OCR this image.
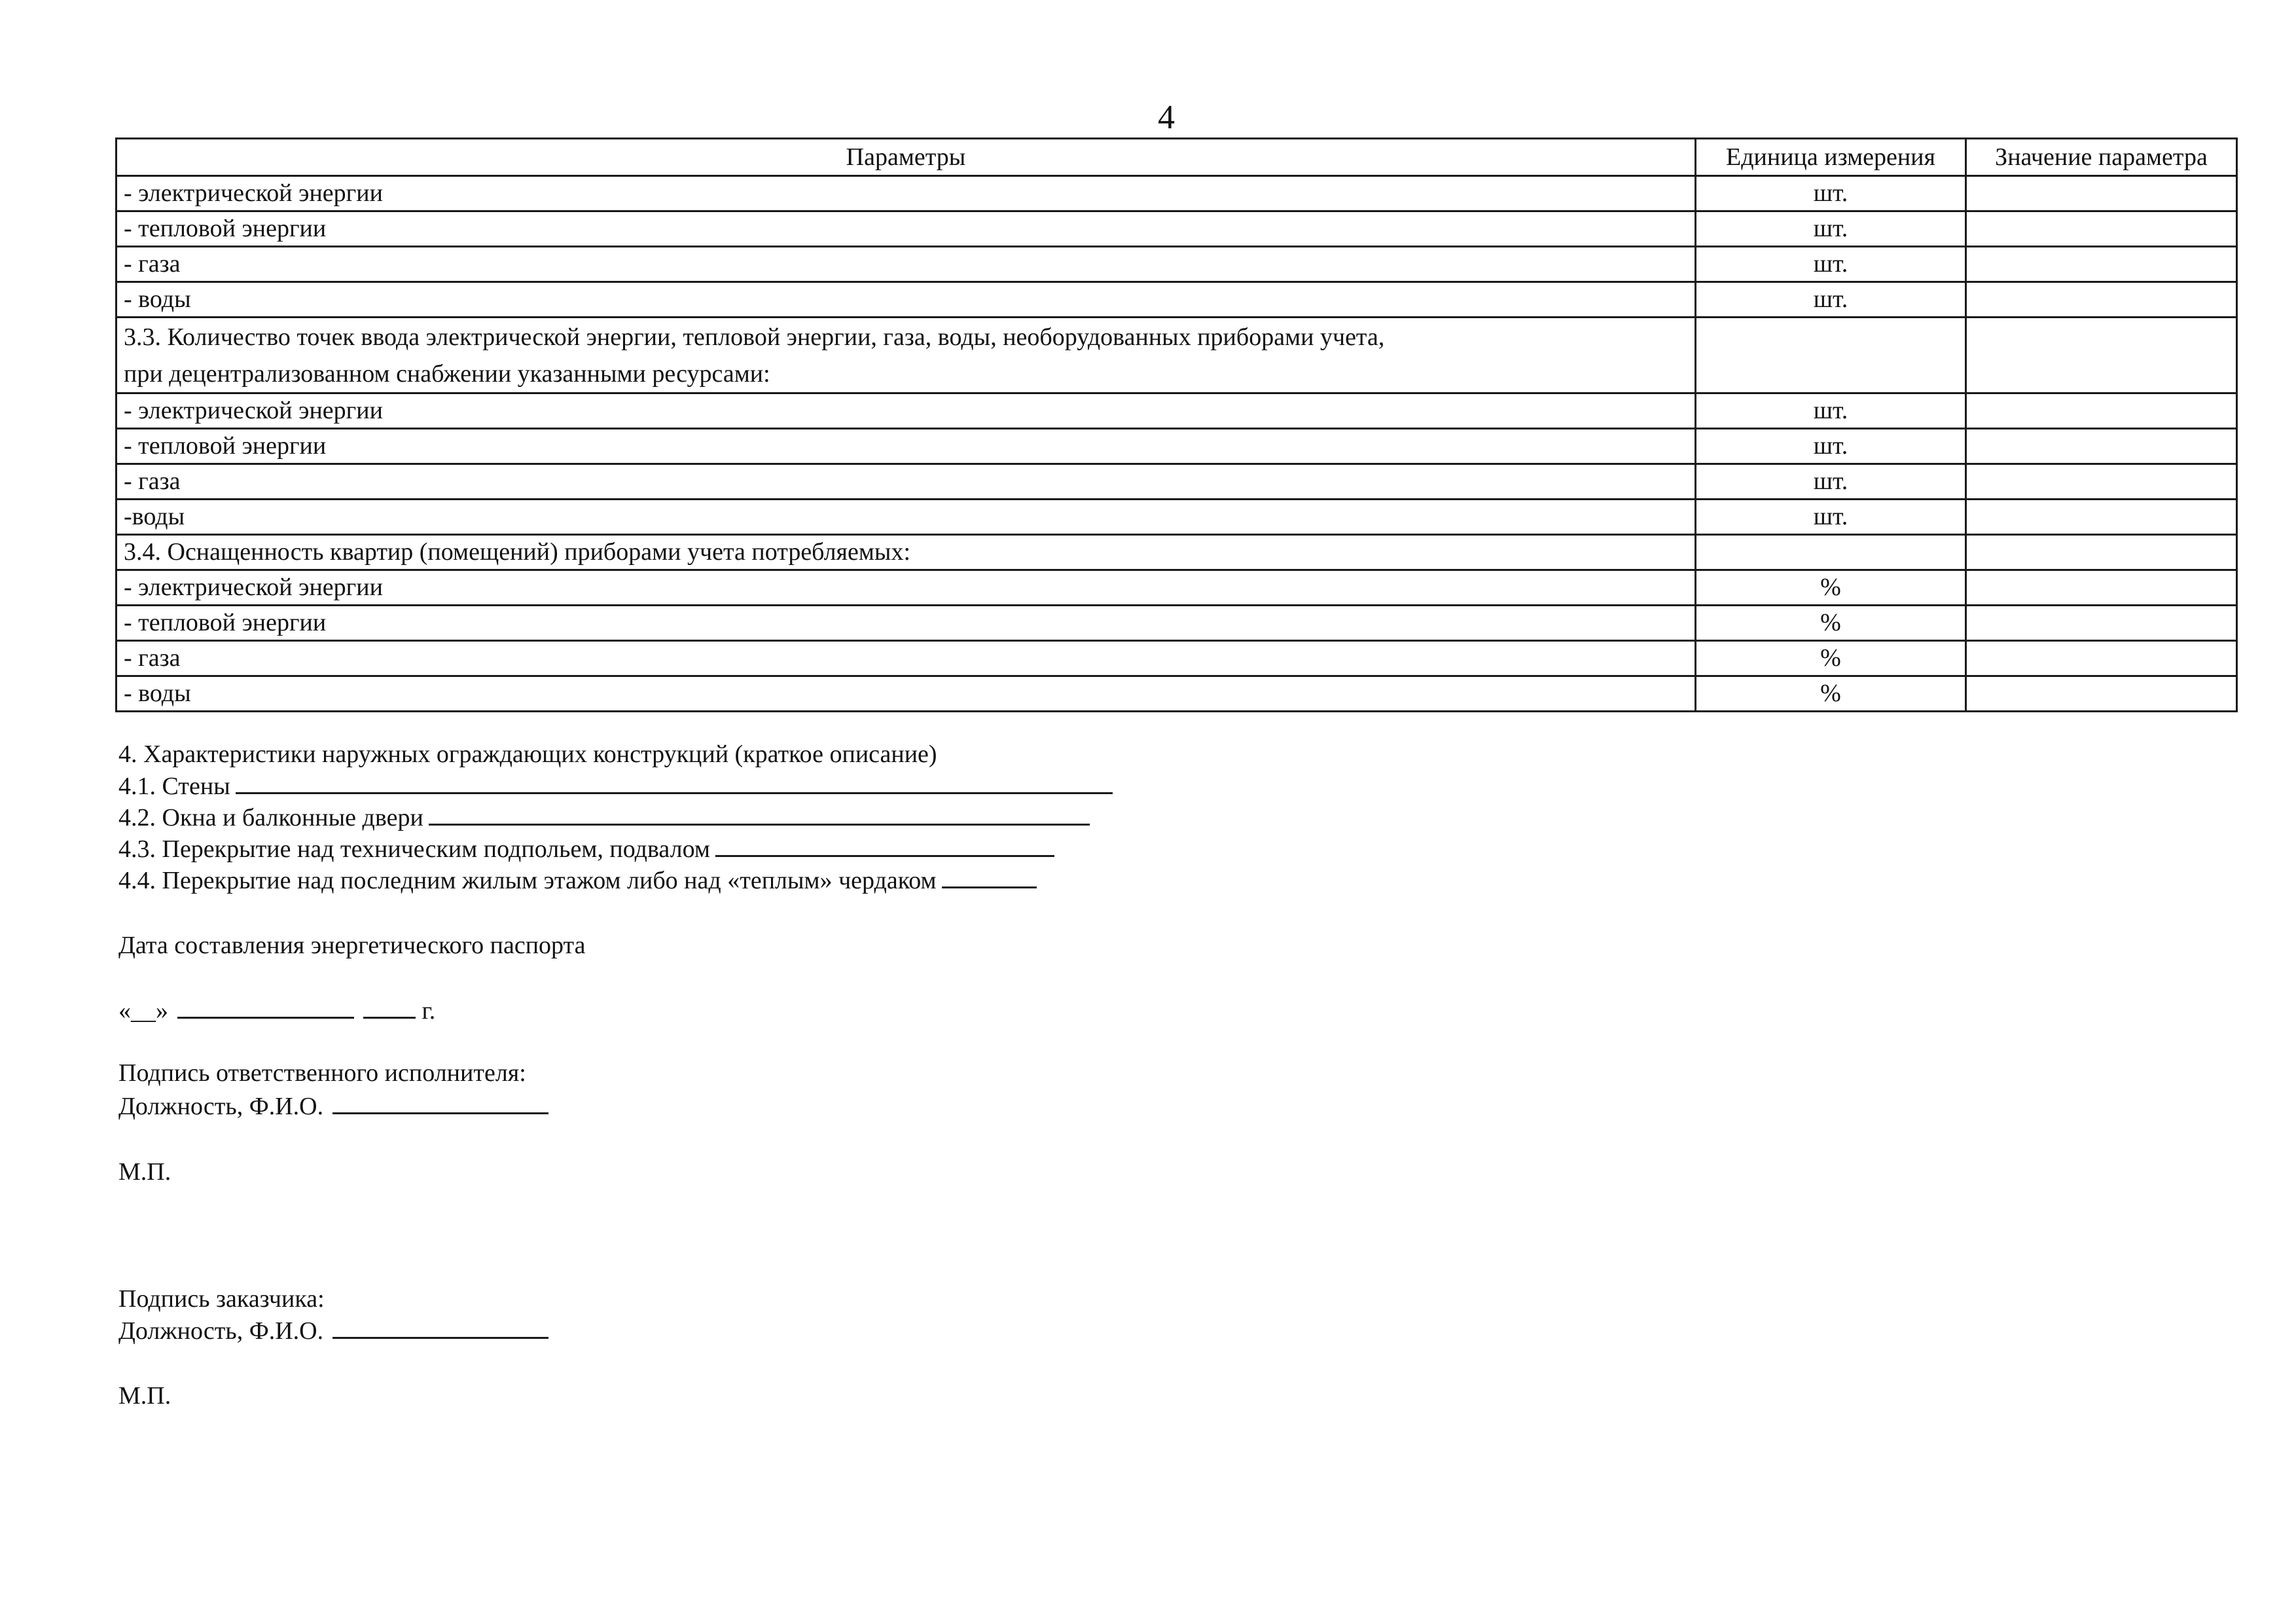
4
Параметры	Единица измерения	Значение параметра
- электрической энергии	шт.	
- тепловой энергии	шт.	
- газа	шт.	
- воды	шт.	

3.3. Количество точек ввода электрической энергии, тепловой энергии, газа, воды, необорудованных приборами учета,
при децентрализованном снабжении указанными ресурсами:		

- электрической энергии	шт.	
- тепловой энергии	шт.	
- газа	шт.	
-воды	шт.	
3.4. Оснащенность квартир (помещений) приборами учета потребляемых:		
- электрической энергии	%	
- тепловой энергии	%	
- газа	%	
- воды	%	
4. Характеристики наружных ограждающих конструкций (краткое описание)
4.1. Стены
4.2. Окна и балконные двери
4.3. Перекрытие над техническим подпольем, подвалом
4.4. Перекрытие над последним жилым этажом либо над «теплым» чердаком
Дата составления энергетического паспорта
«__»	г.
Подпись ответственного исполнителя:
Должность, Ф.И.О.
М.П.
Подпись заказчика:
Должность, Ф.И.О.
М.П.
